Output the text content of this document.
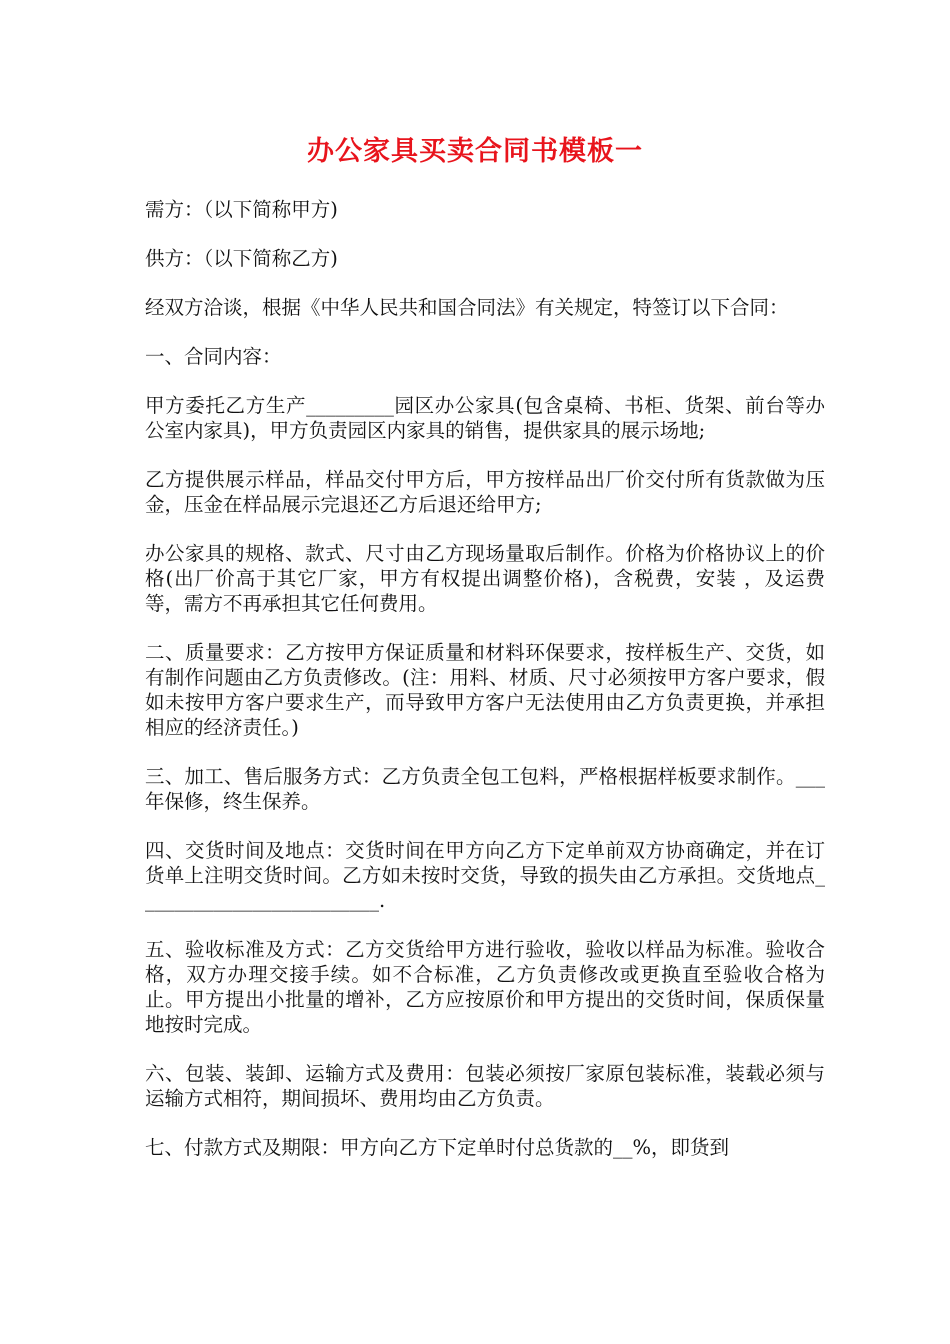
办公家具买卖合同书模板一

需方：（以下简称甲方)

供方：（以下简称乙方)

经双方洽谈，根据《中华人民共和国合同法》有关规定，特签订以下合同：

一、合同内容：

甲方委托乙方生产_________园区办公家具(包含桌椅、书柜、货架、前台等办公室内家具)，甲方负责园区内家具的销售，提供家具的展示场地;

乙方提供展示样品，样品交付甲方后，甲方按样品出厂价交付所有货款做为压金，压金在样品展示完退还乙方后退还给甲方;

办公家具的规格、款式、尺寸由乙方现场量取后制作。价格为价格协议上的价格(出厂价高于其它厂家，甲方有权提出调整价格)，含税费，安装 ，及运费等，需方不再承担其它任何费用。

二、质量要求：乙方按甲方保证质量和材料环保要求，按样板生产、交货，如有制作问题由乙方负责修改。(注：用料、材质、尺寸必须按甲方客户要求，假如未按甲方客户要求生产，而导致甲方客户无法使用由乙方负责更换，并承担相应的经济责任。)

三、加工、售后服务方式：乙方负责全包工包料，严格根据样板要求制作。___年保修，终生保养。

四、交货时间及地点：交货时间在甲方向乙方下定单前双方协商确定，并在订货单上注明交货时间。乙方如未按时交货，导致的损失由乙方承担。交货地点_________________________.

五、验收标准及方式：乙方交货给甲方进行验收，验收以样品为标准。验收合格，双方办理交接手续。如不合标准，乙方负责修改或更换直至验收合格为止。甲方提出小批量的增补，乙方应按原价和甲方提出的交货时间，保质保量地按时完成。

六、包装、装卸、运输方式及费用：包装必须按厂家原包装标准，装载必须与运输方式相符，期间损坏、费用均由乙方负责。

七、付款方式及期限：甲方向乙方下定单时付总货款的__%，即货到
